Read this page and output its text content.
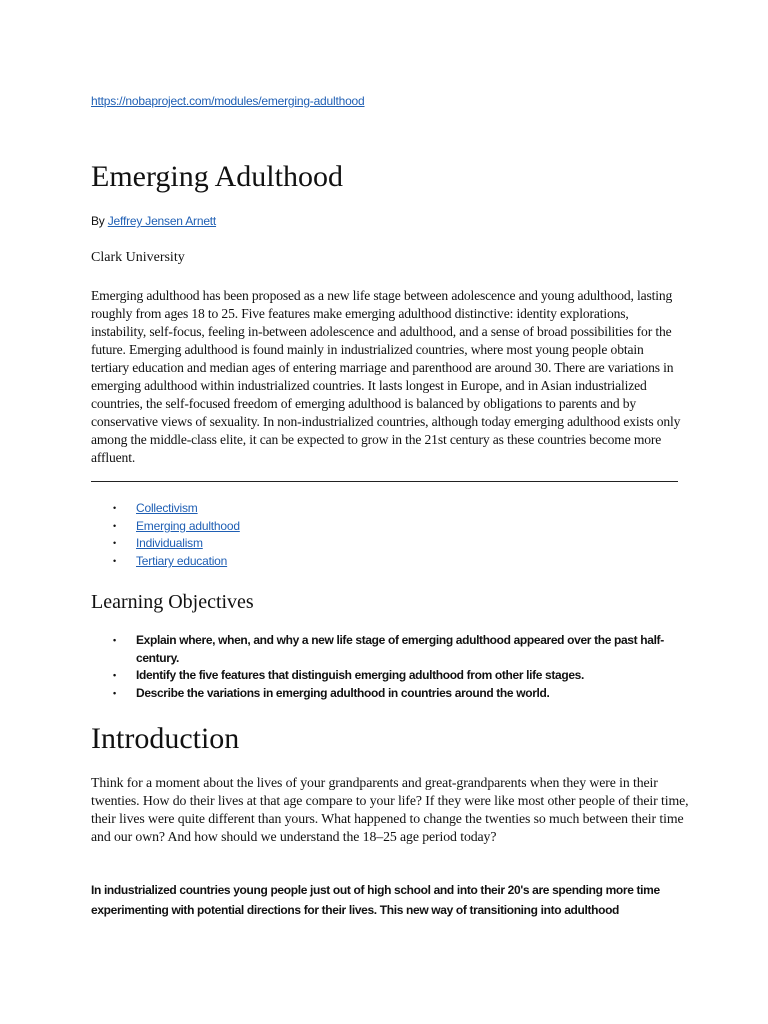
https://nobaproject.com/modules/emerging-adulthood
Emerging Adulthood
By Jeffrey Jensen Arnett
Clark University

Emerging adulthood has been proposed as a new life stage between adolescence and young adulthood, lasting roughly from ages 18 to 25. Five features make emerging adulthood distinctive: identity explorations, instability, self-focus, feeling in-between adolescence and adulthood, and a sense of broad possibilities for the future. Emerging adulthood is found mainly in industrialized countries, where most young people obtain tertiary education and median ages of entering marriage and parenthood are around 30. There are variations in emerging adulthood within industrialized countries. It lasts longest in Europe, and in Asian industrialized countries, the self-focused freedom of emerging adulthood is balanced by obligations to parents and by conservative views of sexuality. In non-industrialized countries, although today emerging adulthood exists only among the middle-class elite, it can be expected to grow in the 21st century as these countries become more affluent.

• Collectivism
• Emerging adulthood
• Individualism
• Tertiary education
Learning Objectives
• Explain where, when, and why a new life stage of emerging adulthood appeared over the past half-century.
• Identify the five features that distinguish emerging adulthood from other life stages.
• Describe the variations in emerging adulthood in countries around the world.
Introduction

Think for a moment about the lives of your grandparents and great-grandparents when they were in their twenties. How do their lives at that age compare to your life? If they were like most other people of their time, their lives were quite different than yours. What happened to change the twenties so much between their time and our own? And how should we understand the 18–25 age period today?

In industrialized countries young people just out of high school and into their 20's are spending more time experimenting with potential directions for their lives. This new way of transitioning into adulthood
